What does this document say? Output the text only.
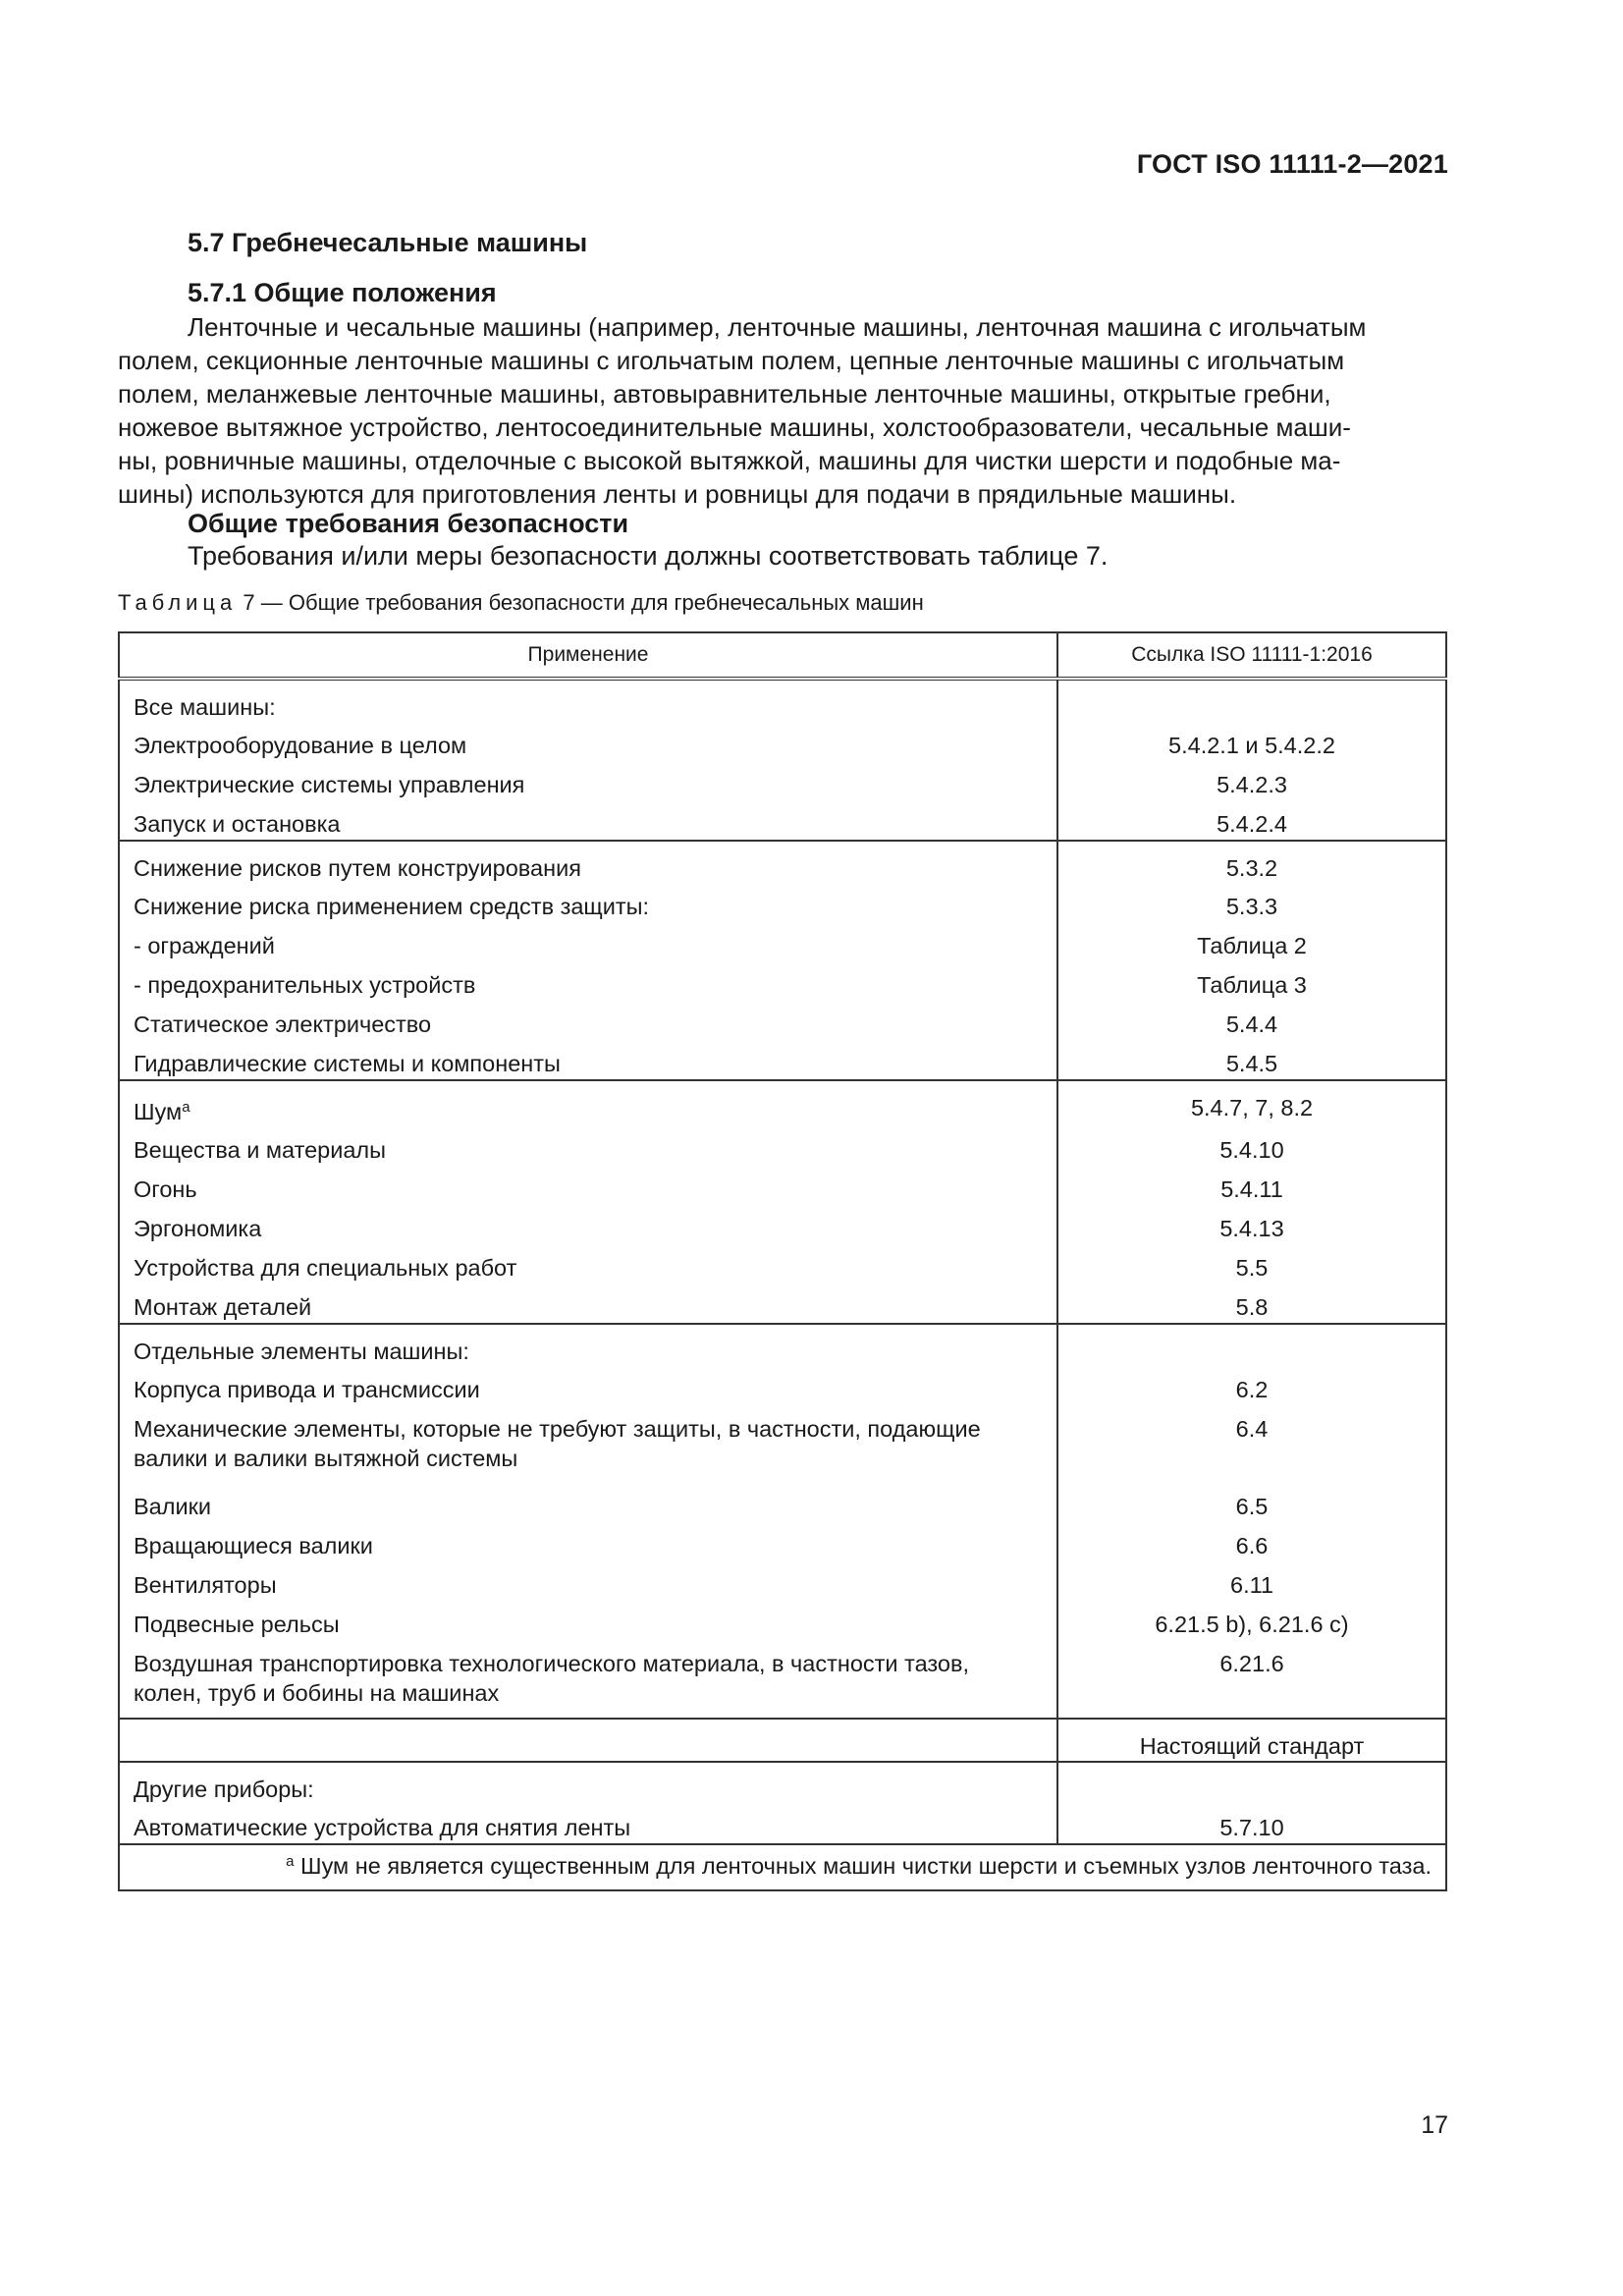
ГОСТ ISO 11111-2—2021
5.7 Гребнечесальные машины
5.7.1 Общие положения
Ленточные и чесальные машины (например, ленточные машины, ленточная машина с игольчатым
полем, секционные ленточные машины с игольчатым полем, цепные ленточные машины с игольчатым
полем, меланжевые ленточные машины, автовыравнительные ленточные машины, открытые гребни,
ножевое вытяжное устройство, лентосоединительные машины, холстообразователи, чесальные маши-
ны, ровничные машины, отделочные с высокой вытяжкой, машины для чистки шерсти и подобные ма-
шины) используются для приготовления ленты и ровницы для подачи в прядильные машины.
Общие требования безопасности
Требования и/или меры безопасности должны соответствовать таблице 7.
Таблица 7 — Общие требования безопасности для гребнечесальных машин
Применение	Ссылка ISO 11111-1:2016

Все машины:	

Электрооборудование в целом	5.4.2.1 и 5.4.2.2

Электрические системы управления	5.4.2.3

Запуск и остановка	5.4.2.4

Снижение рисков путем конструирования	5.3.2

Снижение риска применением средств защиты:	5.3.3

- ограждений	Таблица 2

- предохранительных устройств	Таблица 3

Статическое электричество	5.4.4

Гидравлические системы и компоненты	5.4.5

Шум$^a$	5.4.7, 7, 8.2

Вещества и материалы	5.4.10

Огонь	5.4.11

Эргономика	5.4.13

Устройства для специальных работ	5.5

Монтаж деталей	5.8

Отдельные элементы машины:	

Корпуса привода и трансмиссии	6.2

Механические элементы, которые не требуют защиты, в частности, подающие валики и валики вытяжной системы	6.4

Валики	6.5

Вращающиеся валики	6.6

Вентиляторы	6.11

Подвесные рельсы	6.21.5 b), 6.21.6 c)

Воздушная транспортировка технологического материала, в частности тазов, колен, труб и бобины на машинах	6.21.6

	Настоящий стандарт

Другие приборы:	

Автоматические устройства для снятия ленты	5.7.10

$^a$ Шум не является существенным для ленточных машин чистки шерсти и съемных узлов ленточного таза.	
17
